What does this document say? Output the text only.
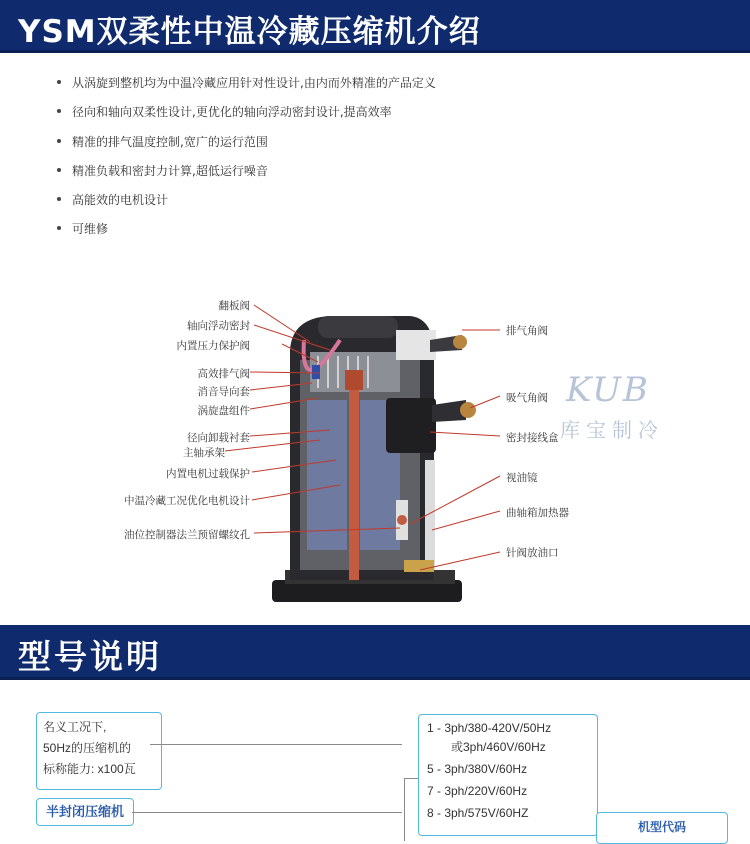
YSM双柔性中温冷藏压缩机介绍
从涡旋到整机均为中温冷藏应用针对性设计,由内而外精准的产品定义
径向和轴向双柔性设计,更优化的轴向浮动密封设计,提高效率
精准的排气温度控制,宽广的运行范围
精准负载和密封力计算,超低运行噪音
高能效的电机设计
可维修
翻板阀
轴向浮动密封
内置压力保护阀
高效排气阀
消音导向套
涡旋盘组件
径向卸载衬套
主轴承架
内置电机过载保护
中温冷藏工况优化电机设计
油位控制器法兰预留螺纹孔
排气角阀
吸气角阀
密封接线盒
视油镜
曲轴箱加热器
针阀放油口
KUB
库宝制冷
型号说明
名义工况下,
50Hz的压缩机的
标称能力: x100瓦
半封闭压缩机
1 - 3ph/380-420V/50Hz
或3ph/460V/60Hz
5 - 3ph/380V/60Hz
7 - 3ph/220V/60Hz
8 - 3ph/575V/60HZ
机型代码
